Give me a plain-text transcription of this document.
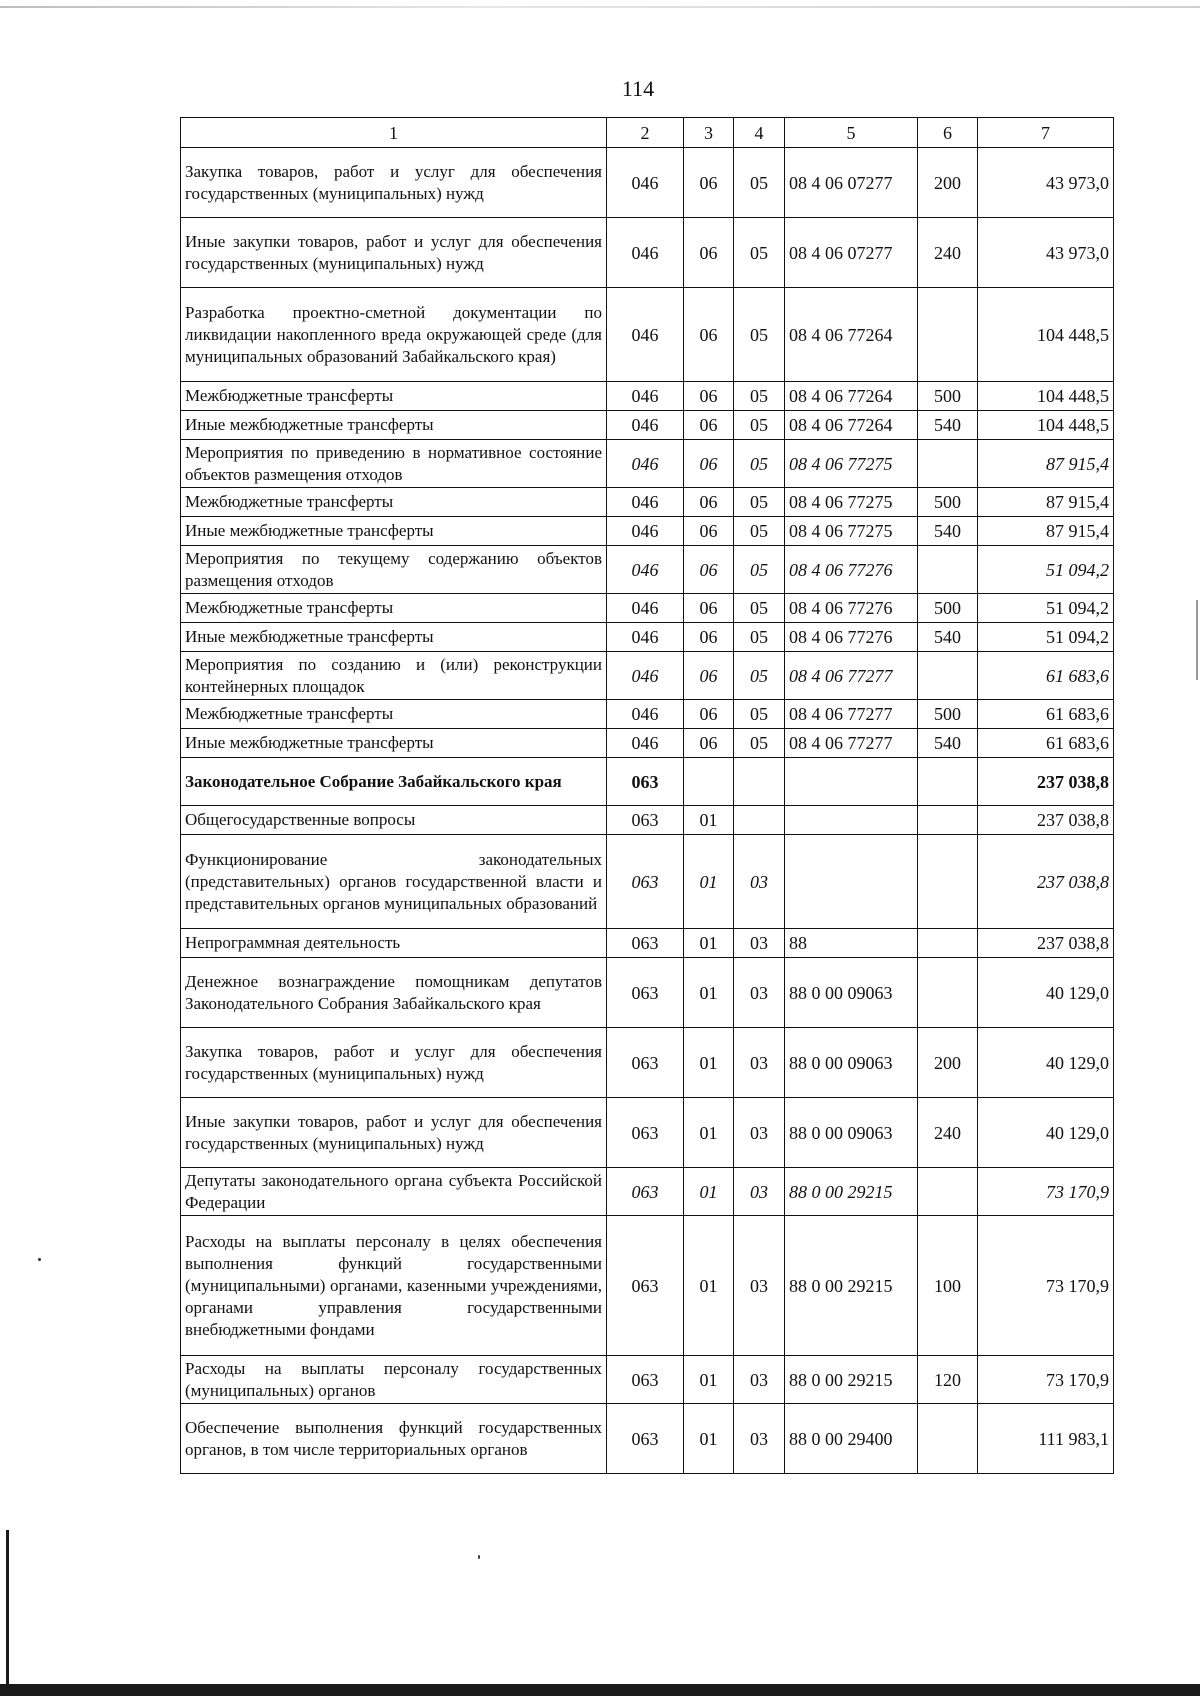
114
1	2	3	4	5	6	7
Закупка товаров, работ и услуг для обеспечения государственных (муниципальных) нужд	046	06	05	08 4 06 07277	200	43 973,0
Иные закупки товаров, работ и услуг для обеспечения государственных (муниципальных) нужд	046	06	05	08 4 06 07277	240	43 973,0
Разработка проектно-сметной документации по ликвидации накопленного вреда окружающей среде (для муниципальных образований Забайкальского края)	046	06	05	08 4 06 77264		104 448,5
Межбюджетные трансферты	046	06	05	08 4 06 77264	500	104 448,5
Иные межбюджетные трансферты	046	06	05	08 4 06 77264	540	104 448,5
Мероприятия по приведению в нормативное состояние объектов размещения отходов	046	06	05	08 4 06 77275		87 915,4
Межбюджетные трансферты	046	06	05	08 4 06 77275	500	87 915,4
Иные межбюджетные трансферты	046	06	05	08 4 06 77275	540	87 915,4
Мероприятия по текущему содержанию объектов размещения отходов	046	06	05	08 4 06 77276		51 094,2
Межбюджетные трансферты	046	06	05	08 4 06 77276	500	51 094,2
Иные межбюджетные трансферты	046	06	05	08 4 06 77276	540	51 094,2
Мероприятия по созданию и (или) реконструкции контейнерных площадок	046	06	05	08 4 06 77277		61 683,6
Межбюджетные трансферты	046	06	05	08 4 06 77277	500	61 683,6
Иные межбюджетные трансферты	046	06	05	08 4 06 77277	540	61 683,6
Законодательное Собрание Забайкальского края	063					237 038,8
Общегосударственные вопросы	063	01				237 038,8
Функционирование законодательных (представительных) органов государственной власти и представительных органов муниципальных образований	063	01	03			237 038,8
Непрограммная деятельность	063	01	03	88		237 038,8
Денежное вознаграждение помощникам депутатов Законодательного Собрания Забайкальского края	063	01	03	88 0 00 09063		40 129,0
Закупка товаров, работ и услуг для обеспечения государственных (муниципальных) нужд	063	01	03	88 0 00 09063	200	40 129,0
Иные закупки товаров, работ и услуг для обеспечения государственных (муниципальных) нужд	063	01	03	88 0 00 09063	240	40 129,0
Депутаты законодательного органа субъекта Российской Федерации	063	01	03	88 0 00 29215		73 170,9
Расходы на выплаты персоналу в целях обеспечения выполнения функций государственными (муниципальными) органами, казенными учреждениями, органами управления государственными внебюджетными фондами	063	01	03	88 0 00 29215	100	73 170,9
Расходы на выплаты персоналу государственных (муниципальных) органов	063	01	03	88 0 00 29215	120	73 170,9
Обеспечение выполнения функций государственных органов, в том числе территориальных органов	063	01	03	88 0 00 29400		111 983,1
